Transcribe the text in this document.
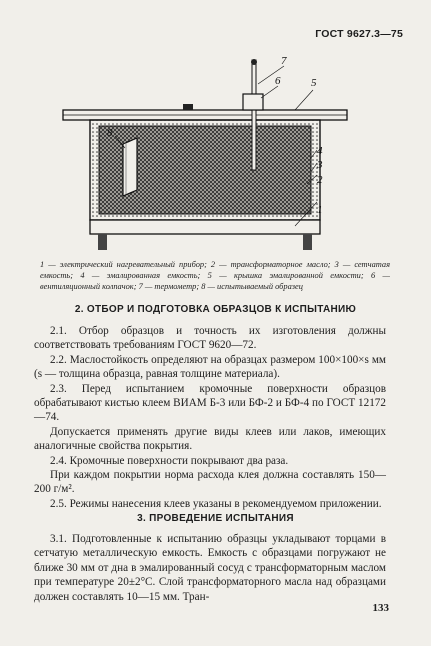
ГОСТ 9627.3—75
7
6	5
4
3
2
1
8
1 — электрический нагревательный прибор; 2 — трансформаторное масло; 3 — сетчатая емкость; 4 — эмалированная емкость; 5 — крышка эмалированной емкости; 6 — вентиляционный колпачок; 7 — термометр; 8 — испытываемый образец
2. ОТБОР И ПОДГОТОВКА ОБРАЗЦОВ К ИСПЫТАНИЮ

2.1. Отбор образцов и точность их изготовления должны соответствовать требованиям ГОСТ 9620—72.

2.2. Маслостойкость определяют на образцах размером 100×100×s мм (s — толщина образца, равная толщине материала).

2.3. Перед испытанием кромочные поверхности образцов обрабатывают кистью клеем ВИАМ Б-3 или БФ-2 и БФ-4 по ГОСТ 12172—74.

Допускается применять другие виды клеев или лаков, имеющих аналогичные свойства покрытия.

2.4. Кромочные поверхности покрывают два раза.

При каждом покрытии норма расхода клея должна составлять 150—200 г/м².

2.5. Режимы нанесения клеев указаны в рекомендуемом приложении.

3. ПРОВЕДЕНИЕ ИСПЫТАНИЯ

3.1. Подготовленные к испытанию образцы укладывают торцами в сетчатую металлическую емкость. Емкость с образцами погружают не ближе 30 мм от дна в эмалированный сосуд с трансформаторным маслом при температуре 20±2°С. Слой трансформаторного масла над образцами должен составлять 10—15 мм. Тран-

133
